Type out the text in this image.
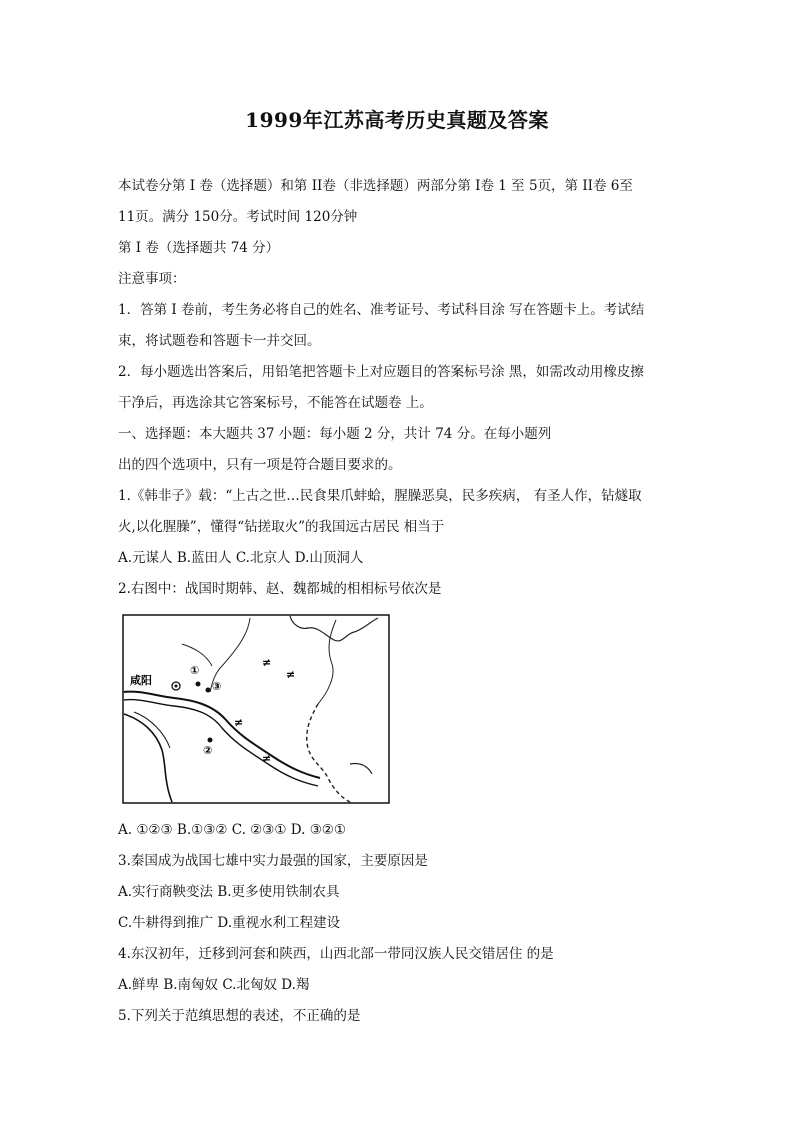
1999年江苏高考历史真题及答案
本试卷分第 I 卷（选择题）和第 II卷（非选择题）两部分第 I卷 1 至 5页，第 II卷 6至
11页。满分 150分。考试时间 120分钟
第 I 卷（选择题共 74 分）
注意事项：
1．答第 I 卷前，考生务必将自己的姓名、准考证号、考试科目涂 写在答题卡上。考试结
束，将试题卷和答题卡一并交回。
2．每小题选出答案后，用铅笔把答题卡上对应题目的答案标号涂 黑，如需改动用橡皮擦
干净后，再选涂其它答案标号，不能答在试题卷 上。
一、选择题：本大题共 37 小题：每小题 2 分，共计 74 分。在每小题列
出的四个选项中，只有一项是符合题目要求的。
1.《韩非子》载：“上古之世…民食果爪蚌蛤，腥臊恶臭，民多疾病， 有圣人作，钻燧取
火,以化腥臊”，懂得“钻搓取火”的我国远古居民 相当于
A.元谋人 B.蓝田人 C.北京人 D.山顶洞人
2.右图中：战国时期韩、赵、魏都城的相相标号依次是
≠
≠
≠
≠
咸阳
①
③
②
A. ①②③ B.①③② C. ②③① D. ③②①
3.秦国成为战国七雄中实力最强的国家，主要原因是
A.实行商鞅变法 B.更多使用铁制农具
C.牛耕得到推广 D.重视水利工程建设
4.东汉初年，迁移到河套和陕西，山西北部一带同汉族人民交错居住 的是
A.鲜卑 B.南匈奴 C.北匈奴 D.羯
5.下列关于范缜思想的表述，不正确的是
